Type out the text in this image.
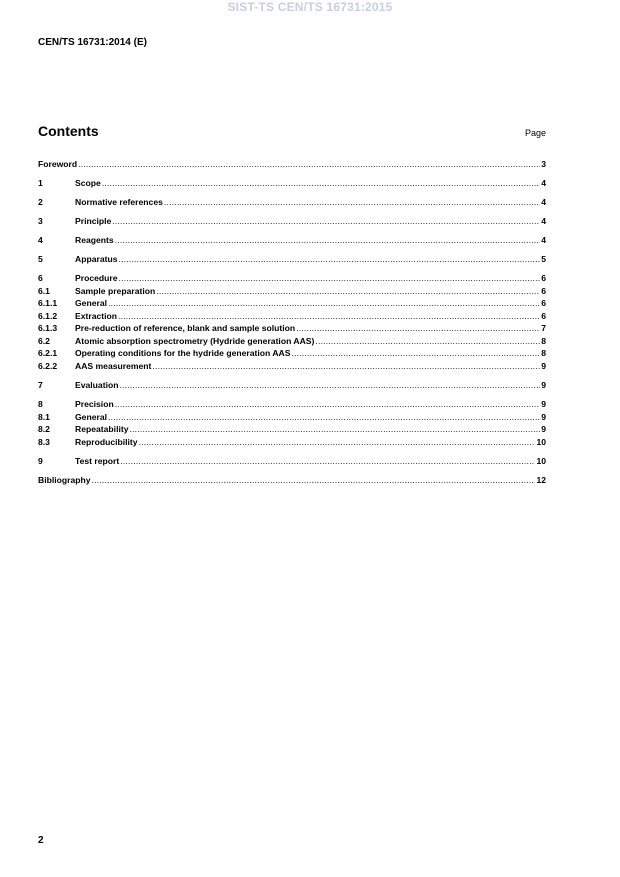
SIST-TS CEN/TS 16731:2015
CEN/TS 16731:2014 (E)
Contents	Page
Foreword .....	3
1	Scope .....	4
2	Normative references .....	4
3	Principle .....	4
4	Reagents .....	4
5	Apparatus .....	5
6	Procedure .....	6
6.1	Sample preparation .....	6
6.1.1	General .....	6
6.1.2	Extraction .....	6
6.1.3	Pre-reduction of reference, blank and sample solution .....	7
6.2	Atomic absorption spectrometry (Hydride generation AAS) .....	8
6.2.1	Operating conditions for the hydride generation AAS .....	8
6.2.2	AAS measurement .....	9
7	Evaluation .....	9
8	Precision .....	9
8.1	General .....	9
8.2	Repeatability .....	9
8.3	Reproducibility .....	10
9	Test report .....	10
Bibliography .....	12
2
